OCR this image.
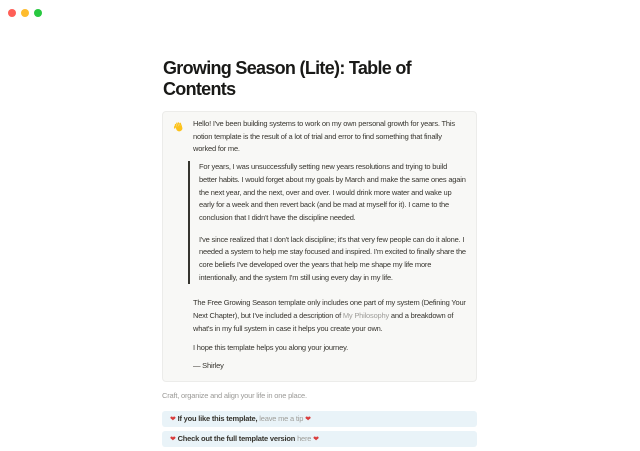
Growing Season (Lite): Table of Contents

Hello! I've been building systems to work on my own personal growth for years. This notion template is the result of a lot of trial and error to find something that finally worked for me.

For years, I was unsuccessfully setting new years resolutions and trying to build better habits. I would forget about my goals by March and make the same ones again the next year, and the next, over and over. I would drink more water and wake up early for a week and then revert back (and be mad at myself for it). I came to the conclusion that I didn't have the discipline needed.

I've since realized that I don't lack discipline; it's that very few people can do it alone. I needed a system to help me stay focused and inspired. I'm excited to finally share the core beliefs I've developed over the years that help me shape my life more intentionally, and the system I'm still using every day in my life.

The Free Growing Season template only includes one part of my system (Defining Your Next Chapter), but I've included a description of My Philosophy and a breakdown of what's in my full system in case it helps you create your own.

I hope this template helps you along your journey.

— Shirley

Craft, organize and align your life in one place.

❤
If you like this template,
leave me a tip
❤
❤
Check out the full template version here
❤
